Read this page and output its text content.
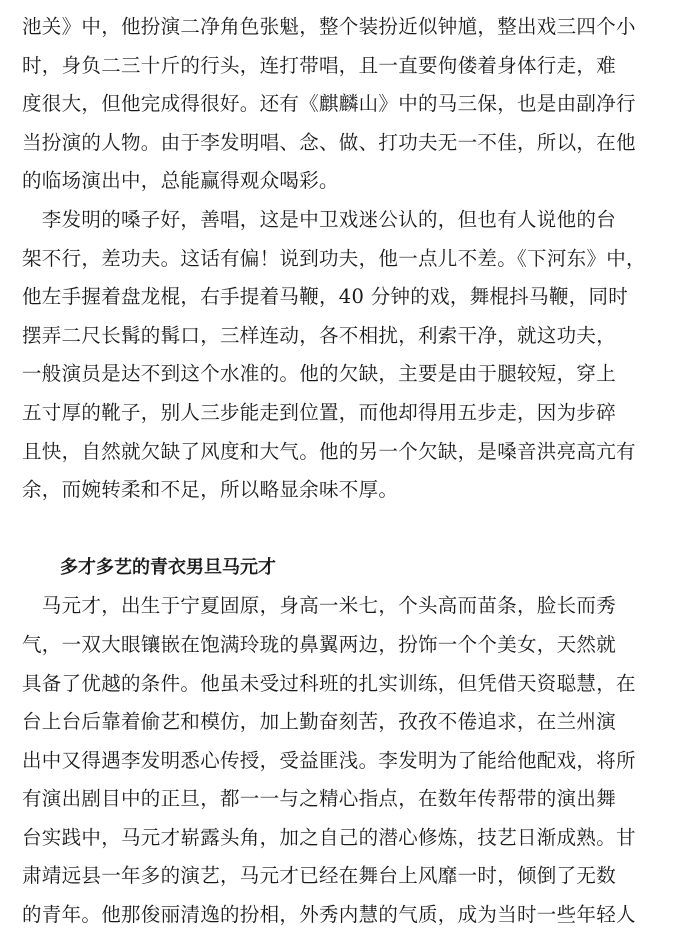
池关》中，他扮演二净角色张魁，整个装扮近似钟馗，整出戏三四个小
时，身负二三十斤的行头，连打带唱，且一直要佝偻着身体行走，难
度很大，但他完成得很好。还有《麒麟山》中的马三保，也是由副净行
当扮演的人物。由于李发明唱、念、做、打功夫无一不佳，所以，在他
的临场演出中，总能赢得观众喝彩。
　李发明的嗓子好，善唱，这是中卫戏迷公认的，但也有人说他的台
架不行，差功夫。这话有偏！说到功夫，他一点儿不差。《下河东》中，
他左手握着盘龙棍，右手提着马鞭，40 分钟的戏，舞棍抖马鞭，同时
摆弄二尺长髯的髯口，三样连动，各不相扰，利索干净，就这功夫，
一般演员是达不到这个水准的。他的欠缺，主要是由于腿较短，穿上
五寸厚的靴子，别人三步能走到位置，而他却得用五步走，因为步碎
且快，自然就欠缺了风度和大气。他的另一个欠缺，是嗓音洪亮高亢有
余，而婉转柔和不足，所以略显余味不厚。
多才多艺的青衣男旦马元才
　马元才，出生于宁夏固原，身高一米七，个头高而苗条，脸长而秀
气，一双大眼镶嵌在饱满玲珑的鼻翼两边，扮饰一个个美女，天然就
具备了优越的条件。他虽未受过科班的扎实训练，但凭借天资聪慧，在
台上台后靠着偷艺和模仿，加上勤奋刻苦，孜孜不倦追求，在兰州演
出中又得遇李发明悉心传授，受益匪浅。李发明为了能给他配戏，将所
有演出剧目中的正旦，都一一与之精心指点，在数年传帮带的演出舞
台实践中，马元才崭露头角，加之自己的潜心修炼，技艺日渐成熟。甘
肃靖远县一年多的演艺，马元才已经在舞台上风靡一时，倾倒了无数
的青年。他那俊丽清逸的扮相，外秀内慧的气质，成为当时一些年轻人
